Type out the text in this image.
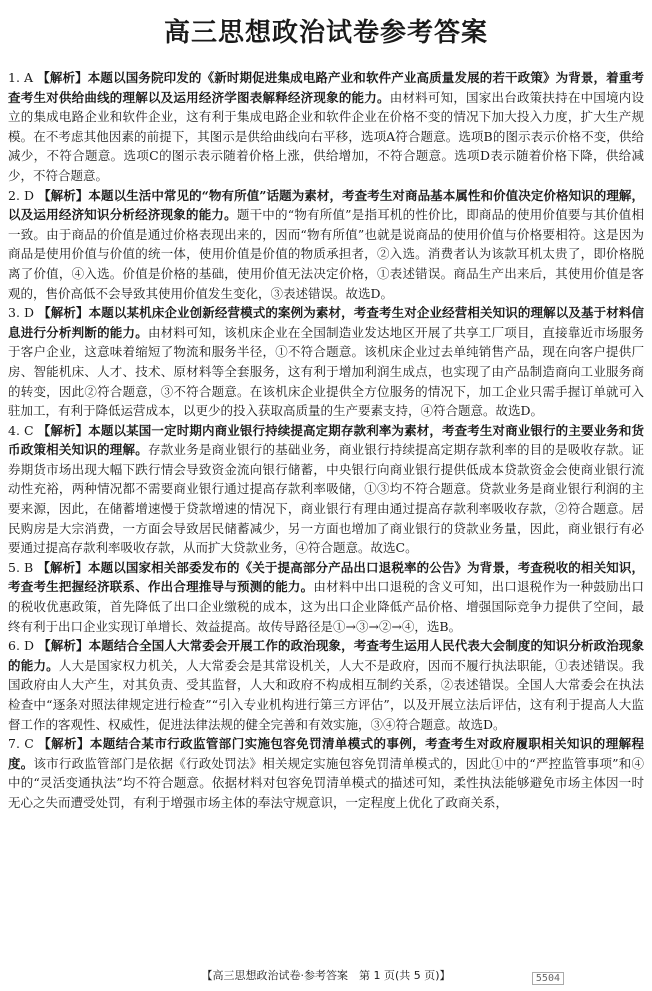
高三思想政治试卷参考答案

1. A 【解析】本题以国务院印发的《新时期促进集成电路产业和软件产业高质量发展的若干政策》为背景，着重考查考生对供给曲线的理解以及运用经济学图表解释经济现象的能力。由材料可知，国家出台政策扶持在中国境内设立的集成电路企业和软件企业，这有利于集成电路企业和软件企业在价格不变的情况下加大投入力度，扩大生产规模。在不考虑其他因素的前提下，其图示是供给曲线向右平移，选项A符合题意。选项B的图示表示价格不变，供给减少，不符合题意。选项C的图示表示随着价格上涨，供给增加，不符合题意。选项D表示随着价格下降，供给减少，不符合题意。

2. D 【解析】本题以生活中常见的“物有所值”话题为素材，考查考生对商品基本属性和价值决定价格知识的理解，以及运用经济知识分析经济现象的能力。题干中的“物有所值”是指耳机的性价比，即商品的使用价值要与其价值相一致。由于商品的价值是通过价格表现出来的，因而“物有所值”也就是说商品的使用价值与价格要相符。这是因为商品是使用价值与价值的统一体，使用价值是价值的物质承担者，②入选。消费者认为该款耳机太贵了，即价格脱离了价值，④入选。价值是价格的基础，使用价值无法决定价格，①表述错误。商品生产出来后，其使用价值是客观的，售价高低不会导致其使用价值发生变化，③表述错误。故选D。

3. D 【解析】本题以某机床企业创新经营模式的案例为素材，考查考生对企业经营相关知识的理解以及基于材料信息进行分析判断的能力。由材料可知，该机床企业在全国制造业发达地区开展了共享工厂项目，直接靠近市场服务于客户企业，这意味着缩短了物流和服务半径，①不符合题意。该机床企业过去单纯销售产品，现在向客户提供厂房、智能机床、人才、技术、原材料等全套服务，这有利于增加利润生成点，也实现了由产品制造商向工业服务商的转变，因此②符合题意，③不符合题意。在该机床企业提供全方位服务的情况下，加工企业只需手握订单就可入驻加工，有利于降低运营成本，以更少的投入获取高质量的生产要素支持，④符合题意。故选D。

4. C 【解析】本题以某国一定时期内商业银行持续提高定期存款利率为素材，考查考生对商业银行的主要业务和货币政策相关知识的理解。存款业务是商业银行的基础业务，商业银行持续提高定期存款利率的目的是吸收存款。证券期货市场出现大幅下跌行情会导致资金流向银行储蓄，中央银行向商业银行提供低成本贷款资金会使商业银行流动性充裕，两种情况都不需要商业银行通过提高存款利率吸储，①③均不符合题意。贷款业务是商业银行利润的主要来源，因此，在储蓄增速慢于贷款增速的情况下，商业银行有理由通过提高存款利率吸收存款，②符合题意。居民购房是大宗消费，一方面会导致居民储蓄减少，另一方面也增加了商业银行的贷款业务量，因此，商业银行有必要通过提高存款利率吸收存款，从而扩大贷款业务，④符合题意。故选C。

5. B 【解析】本题以国家相关部委发布的《关于提高部分产品出口退税率的公告》为背景，考查税收的相关知识，考查考生把握经济联系、作出合理推导与预测的能力。由材料中出口退税的含义可知，出口退税作为一种鼓励出口的税收优惠政策，首先降低了出口企业缴税的成本，这为出口企业降低产品价格、增强国际竞争力提供了空间，最终有利于出口企业实现订单增长、效益提高。故传导路径是①→③→②→④，选B。

6. D 【解析】本题结合全国人大常委会开展工作的政治现象，考查考生运用人民代表大会制度的知识分析政治现象的能力。人大是国家权力机关，人大常委会是其常设机关，人大不是政府，因而不履行执法职能，①表述错误。我国政府由人大产生，对其负责、受其监督，人大和政府不构成相互制约关系，②表述错误。全国人大常委会在执法检查中“逐条对照法律规定进行检查”“引入专业机构进行第三方评估”，以及开展立法后评估，这有利于提高人大监督工作的客观性、权威性，促进法律法规的健全完善和有效实施，③④符合题意。故选D。

7. C 【解析】本题结合某市行政监管部门实施包容免罚清单模式的事例，考查考生对政府履职相关知识的理解程度。该市行政监管部门是依据《行政处罚法》相关规定实施包容免罚清单模式的，因此①中的“严控监管事项”和④中的“灵活变通执法”均不符合题意。依据材料对包容免罚清单模式的描述可知，柔性执法能够避免市场主体因一时无心之失而遭受处罚，有利于增强市场主体的奉法守规意识，一定程度上优化了政商关系，

【高三思想政治试卷·参考答案　第 1 页(共 5 页)】	5504
